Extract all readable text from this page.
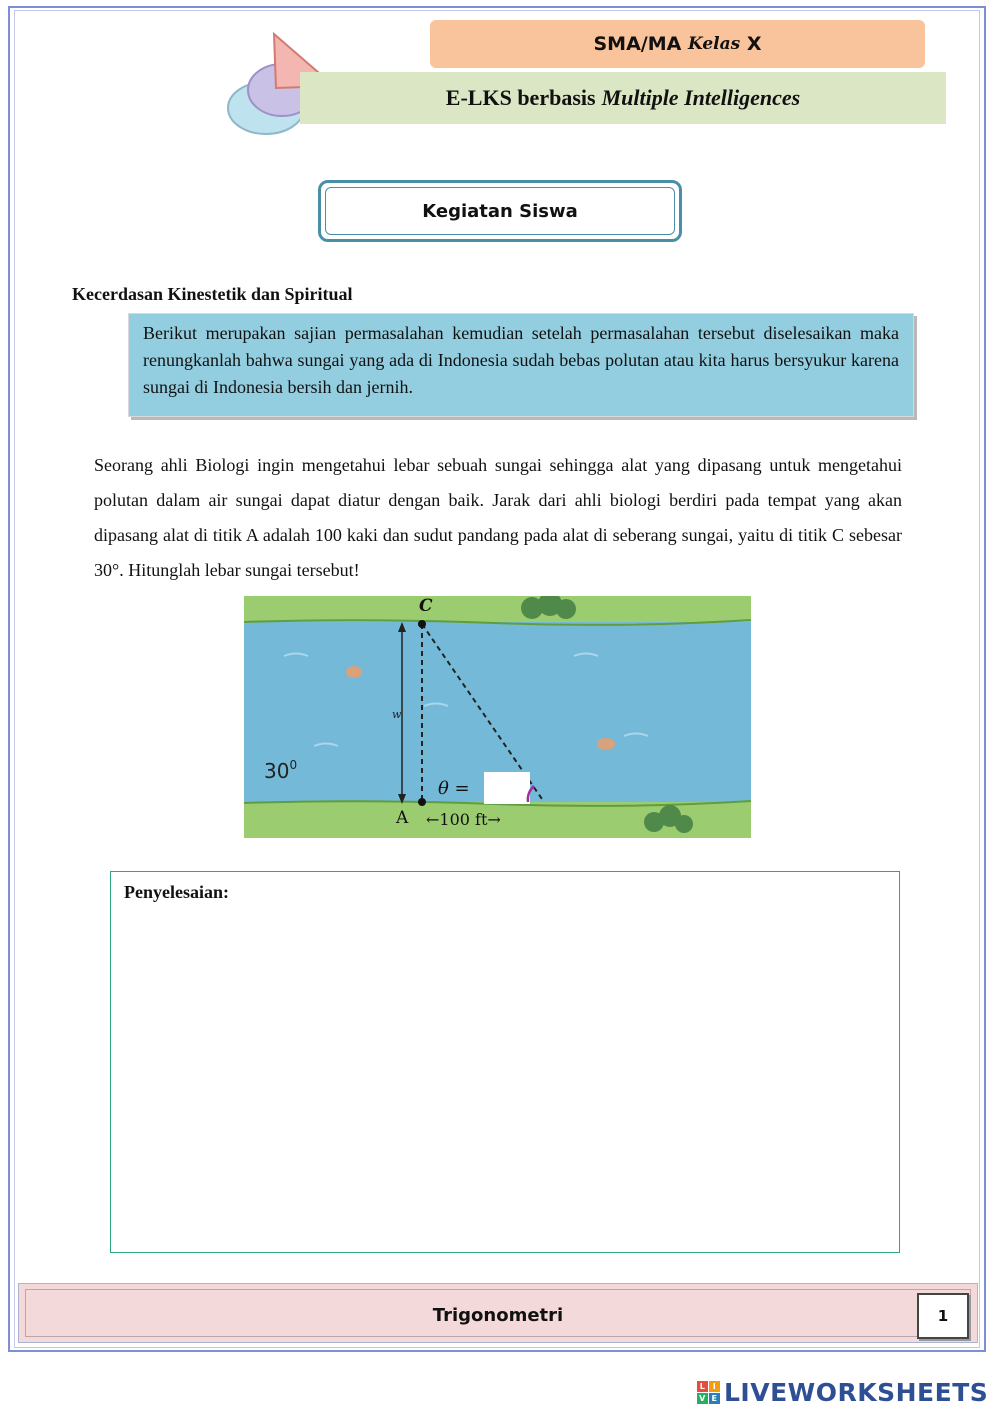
SMA/MA
Kelas
X
E-LKS berbasis Multiple Intelligences
Kegiatan Siswa
Kecerdasan Kinestetik dan Spiritual
Berikut merupakan sajian permasalahan kemudian setelah permasalahan tersebut diselesaikan maka renungkanlah bahwa sungai yang ada di Indonesia sudah bebas polutan atau kita harus bersyukur karena sungai di Indonesia bersih dan jernih.
Seorang ahli Biologi ingin mengetahui lebar sebuah sungai sehingga alat yang dipasang untuk mengetahui polutan dalam air sungai dapat diatur dengan baik. Jarak dari ahli biologi berdiri pada tempat yang akan dipasang alat di titik A adalah 100 kaki dan sudut pandang pada alat di seberang sungai, yaitu di titik C sebesar 30°. Hitunglah lebar sungai tersebut!
C
A
w
$30^0$
θ =
←100 ft→
Penyelesaian:
Trigonometri	1
L I
V E LIVEWORKSHEETS
